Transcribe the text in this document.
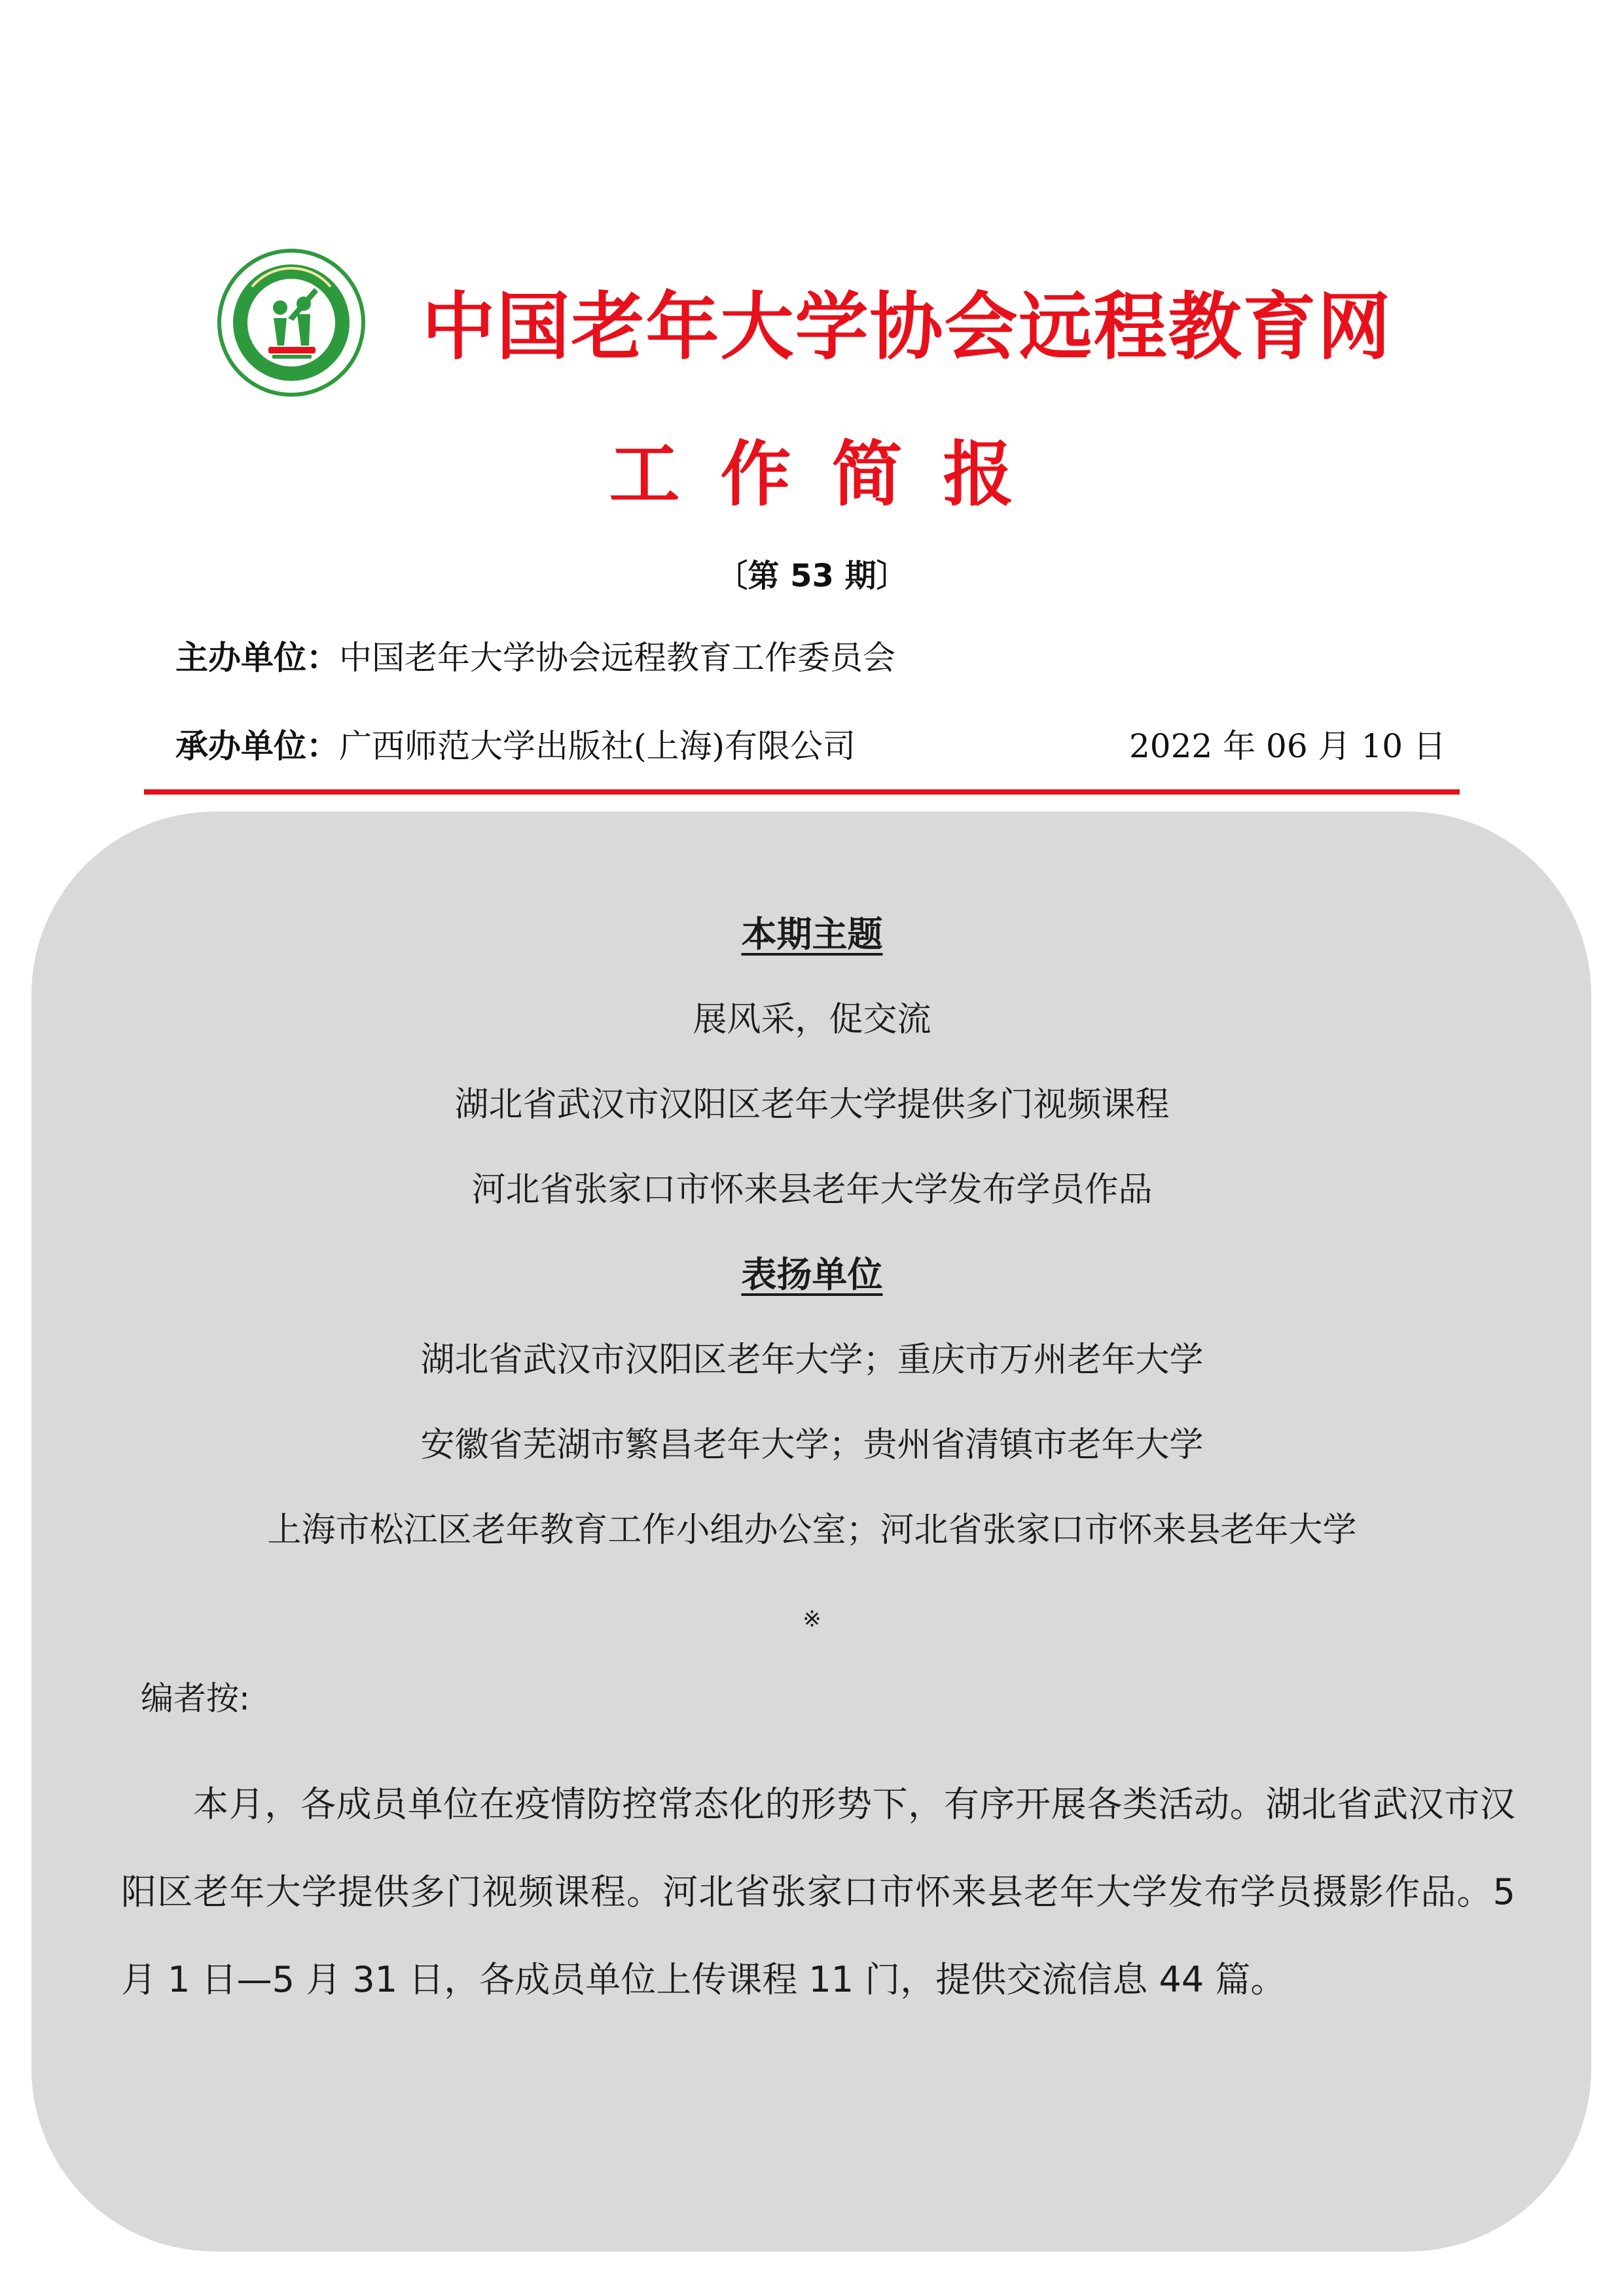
中国老年大学协会远程教育网
工作简报
〔第 53 期〕
主办单位：中国老年大学协会远程教育工作委员会
承办单位：广西师范大学出版社(上海)有限公司	2022 年 06 月 10 日
本期主题
展风采，促交流
湖北省武汉市汉阳区老年大学提供多门视频课程
河北省张家口市怀来县老年大学发布学员作品
表扬单位
湖北省武汉市汉阳区老年大学；重庆市万州老年大学
安徽省芜湖市繁昌老年大学；贵州省清镇市老年大学
上海市松江区老年教育工作小组办公室；河北省张家口市怀来县老年大学
※
编者按:
本月，各成员单位在疫情防控常态化的形势下，有序开展各类活动。湖北省武汉市汉阳区老年大学提供多门视频课程。河北省张家口市怀来县老年大学发布学员摄影作品。5 月 1 日—5 月 31 日，各成员单位上传课程 11 门，提供交流信息 44 篇。
